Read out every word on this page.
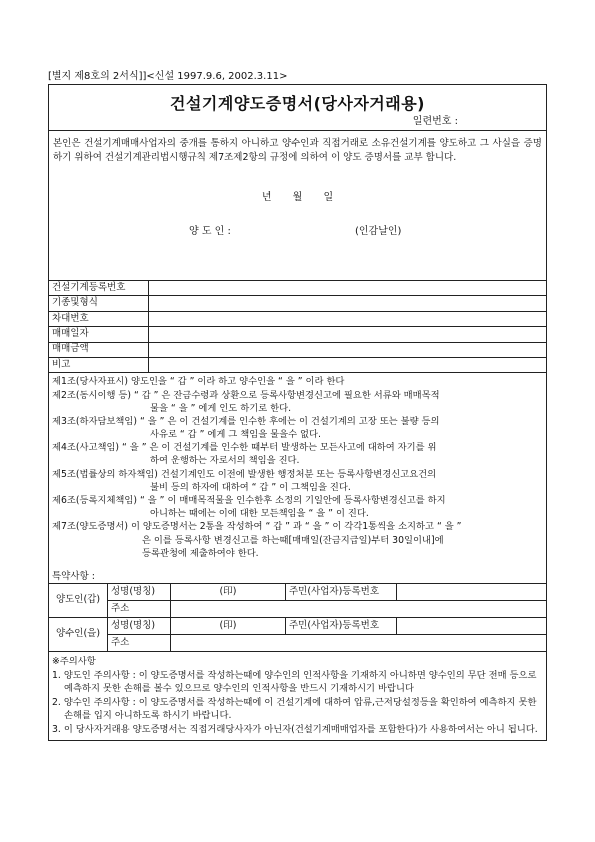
[별지 제8호의 2서식]]<신설 1997.9.6, 2002.3.11>
건설기계양도증명서(당사자거래용)
일련번호 :
본인은 건설기계매매사업자의 중개를 통하지 아니하고 양수인과 직접거래로 소유건설기계를 양도하고 그 사실을 증명하기 위하여 건설기계관리법시행규칙 제7조제2항의 규정에 의하여 이 양도 증명서를 교부 합니다.
년 월 일
양 도 인 :	(인감날인)
건설기계등록번호	
기종및형식	
차대번호	
매매일자	
매매금액	
비고	
제1조(당사자표시) 양도인을 “ 갑 ” 이라 하고 양수인을 “ 을 ” 이라 한다
제2조(동시이행 등) “ 갑 ” 은 잔금수령과 상환으로 등록사항변경신고에 필요한 서류와 매매목적
물을 “ 을 ” 에게 인도 하기로 한다.
제3조(하자담보책임) “ 을 ” 은 이 건설기계를 인수한 후에는 이 건설기계의 고장 또는 불량 등의
사유로 “ 갑 ” 에게 그 책임을 물을수 없다.
제4조(사고책임) “ 을 ” 은 이 건설기계를 인수한 때부터 발생하는 모든사고에 대하여 자기를 위
하여 운행하는 자로서의 책임을 진다.
제5조(법률상의 하자책임) 건설기계인도 이전에 발생한 행정처분 또는 등록사항변경신고요건의
불비 등의 하자에 대하여 “ 갑 ” 이 그책임을 진다.
제6조(등록지체책임) “ 을 ” 이 매매목적물을 인수한후 소정의 기일안에 등록사항변경신고를 하지
아니하는 때에는 이에 대한 모든책임을 “ 을 ” 이 진다.
제7조(양도증명서) 이 양도증명서는 2통을 작성하여 “ 갑 ” 과 “ 을 ” 이 각각1통씩을 소지하고 “ 을 ”
은 이를 등록사항 변경신고를 하는때[매매일(잔금지급일)부터 30일이내]에
등록관청에 제출하여야 한다.
특약사항 :
양도인(갑)	성명(명칭)	(印)	주민(사업자)등록번호	
	주소			
양수인(을)	성명(명칭)	(印)	주민(사업자)등록번호	
	주소			
※주의사항
1. 양도인 주의사항 : 이 양도증명서를 작성하는때에 양수인의 인적사항을 기재하지 아니하면 양수인의 무단 전매 등으로 예측하지 못한 손해를 볼수 있으므로 양수인의 인적사항을 반드시 기재하시기 바랍니다
2. 양수인 주의사항 : 이 양도증명서를 작성하는때에 이 건설기계에 대하여 압류,근저당설정등을 확인하여 예측하지 못한 손해를 입지 아니하도록 하시기 바랍니다.
3. 이 당사자거래용 양도증명서는 직접거래당사자가 아닌자(건설기계매매업자를 포함한다)가 사용하여서는 아니 됩니다.
